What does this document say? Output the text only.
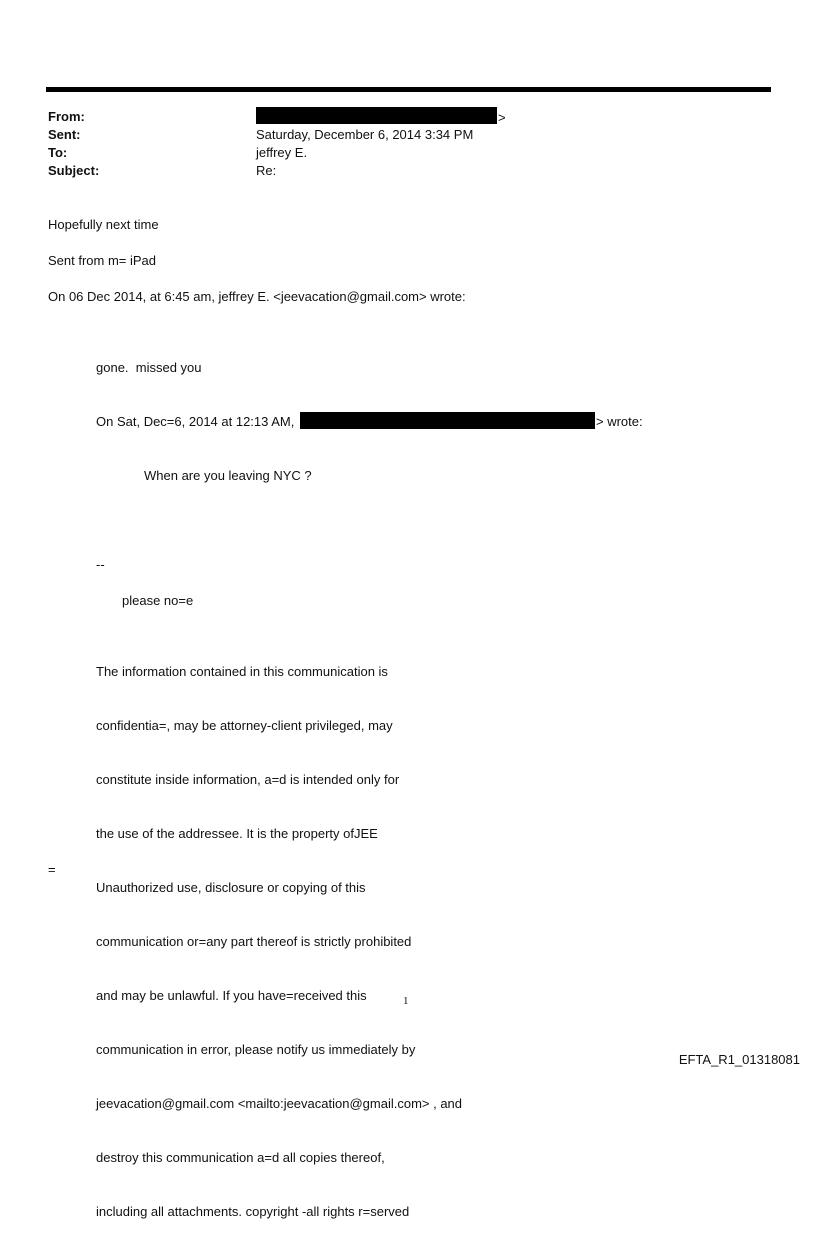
From:
Sent:
To:
Subject:
>
Saturday, December 6, 2014 3:34 PM
jeffrey E.
Re:
Hopefully next time
Sent from m= iPad
On 06 Dec 2014, at 6:45 am, jeffrey E. <jeevacation@gmail.com> wrote:
gone.  missed you
On Sat, Dec=6, 2014 at 12:13 AM,	> wrote:
When are you leaving NYC ?
--
please no=e

The information contained in this communication is

confidentia=, may be attorney-client privileged, may

constitute inside information, a=d is intended only for

the use of the addressee. It is the property ofJEE

Unauthorized use, disclosure or copying of this

communication or=any part thereof is strictly prohibited

and may be unlawful. If you have=received this

communication in error, please notify us immediately by

jeevacation@gmail.com <mailto:jeevacation@gmail.com> , and

destroy this communication a=d all copies thereof,

including all attachments. copyright -all rights r=served

=
1
EFTA_R1_01318081
